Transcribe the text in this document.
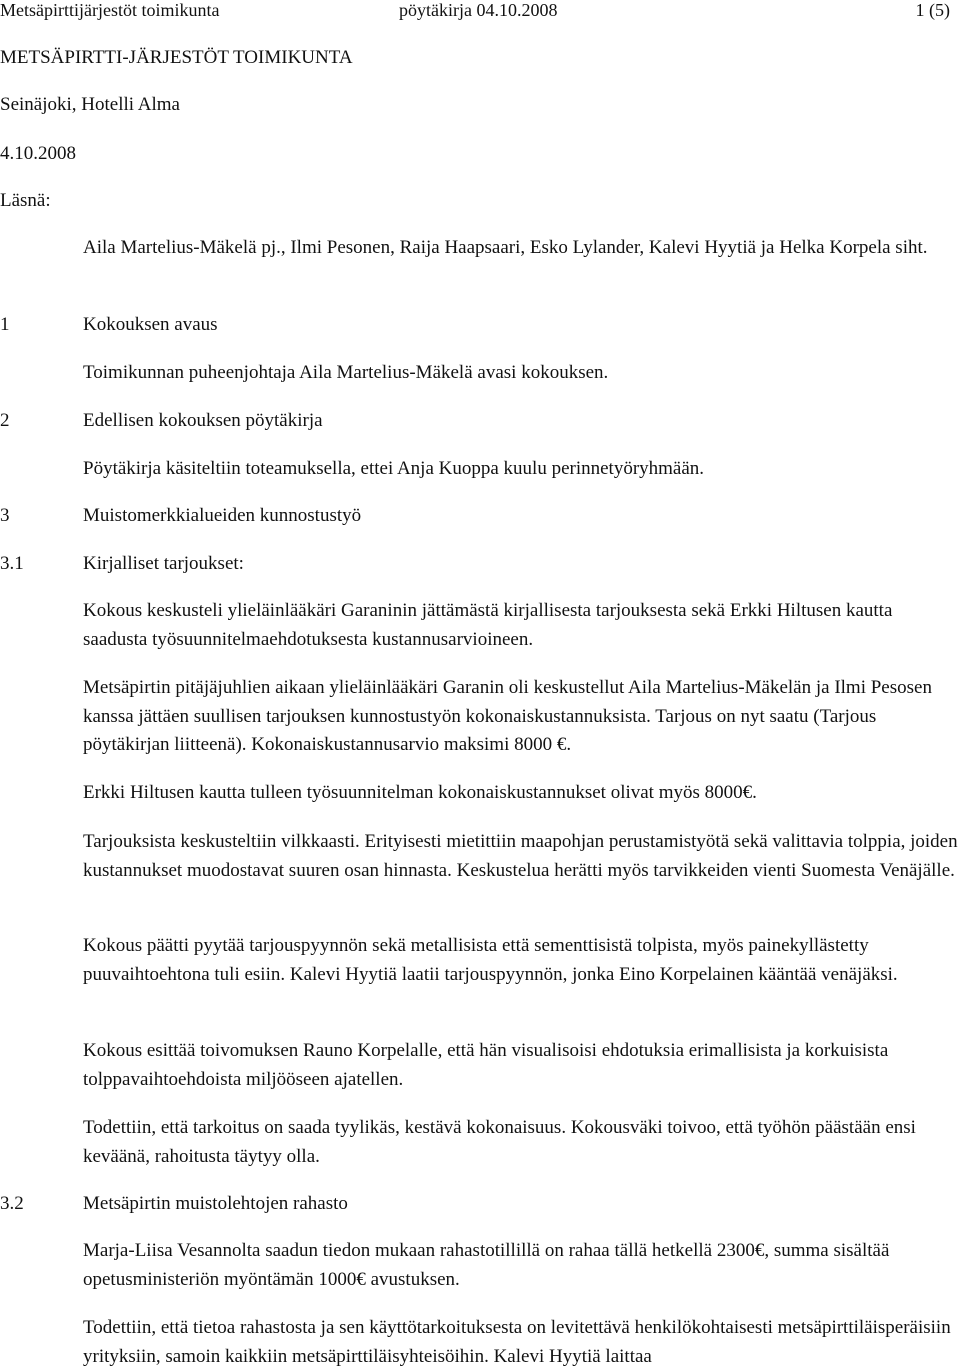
Metsäpirttijärjestöt toimikunta	pöytäkirja 04.10.2008	1 (5)
METSÄPIRTTI-JÄRJESTÖT TOIMIKUNTA
Seinäjoki, Hotelli Alma
4.10.2008
Läsnä:
Aila Martelius-Mäkelä pj., Ilmi Pesonen, Raija Haapsaari, Esko Lylander, Kalevi Hyytiä ja Helka Korpela siht.
1	Kokouksen avaus
Toimikunnan puheenjohtaja Aila Martelius-Mäkelä avasi kokouksen.
2	Edellisen kokouksen pöytäkirja
Pöytäkirja käsiteltiin toteamuksella, ettei Anja Kuoppa kuulu perinnetyöryhmään.
3	Muistomerkkialueiden kunnostustyö
3.1	Kirjalliset tarjoukset:
Kokous keskusteli ylieläinlääkäri Garaninin jättämästä kirjallisesta tarjouksesta sekä Erkki Hiltusen kautta saadusta työsuunnitelmaehdotuksesta kustannusarvioineen.
Metsäpirtin pitäjäjuhlien aikaan ylieläinlääkäri Garanin oli keskustellut Aila Martelius-Mäkelän ja Ilmi Pesosen kanssa jättäen suullisen tarjouksen kunnostustyön kokonaiskustannuksista. Tarjous on nyt saatu (Tarjous pöytäkirjan liitteenä). Kokonaiskustannusarvio maksimi 8000 €.
Erkki Hiltusen kautta tulleen työsuunnitelman kokonaiskustannukset olivat myös 8000€.
Tarjouksista keskusteltiin vilkkaasti. Erityisesti mietittiin maapohjan perustamistyötä sekä valittavia tolppia, joiden kustannukset muodostavat suuren osan hinnasta. Keskustelua herätti myös tarvikkeiden vienti Suomesta Venäjälle.
Kokous päätti pyytää tarjouspyynnön sekä metallisista että sementtisistä tolpista, myös painekyllästetty puuvaihtoehtona tuli esiin. Kalevi Hyytiä laatii tarjouspyynnön, jonka Eino Korpelainen kääntää venäjäksi.
Kokous esittää toivomuksen Rauno Korpelalle, että hän visualisoisi ehdotuksia erimallisista ja korkuisista tolppavaihtoehdoista miljööseen ajatellen.
Todettiin, että tarkoitus on saada tyylikäs, kestävä kokonaisuus. Kokousväki toivoo, että työhön päästään ensi keväänä, rahoitusta täytyy olla.
3.2	Metsäpirtin muistolehtojen rahasto
Marja-Liisa Vesannolta saadun tiedon mukaan rahastotillillä on rahaa tällä hetkellä 2300€, summa sisältää opetusministeriön myöntämän 1000€ avustuksen.
Todettiin, että tietoa rahastosta ja sen käyttötarkoituksesta on levitettävä henkilökohtaisesti metsäpirttiläisperäisiin yrityksiin, samoin kaikkiin metsäpirttiläisyhteisöihin. Kalevi Hyytiä laittaa
